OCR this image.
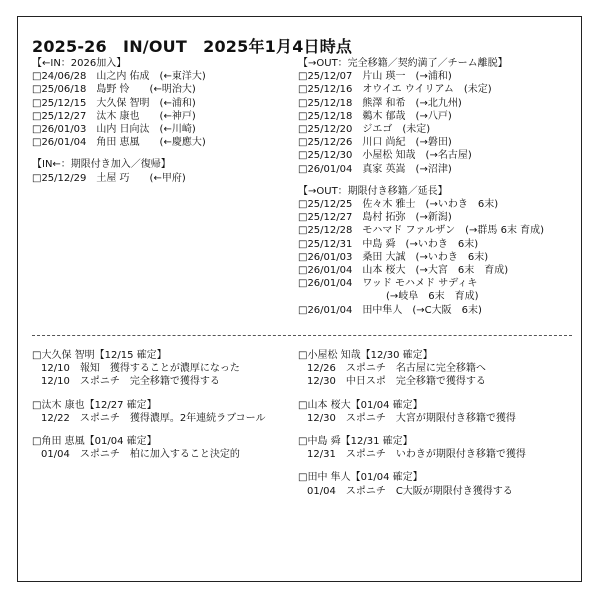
2025-26　IN/OUT　2025年1月4日時点
【←IN：2026加入】
□24/06/28 山之内 佑成　(←東洋大)
□25/06/18 島野 怜　　(←明治大)
□25/12/15 大久保 智明　(←浦和)
□25/12/27 汰木 康也　　(←神戸)
□26/01/03 山内 日向汰　(←川崎)
□26/01/04 角田 恵風　　(←慶應大)
【IN←：期限付き加入／復帰】
□25/12/29 土屋 巧　　(←甲府)
【→OUT：完全移籍／契約満了／チーム離脱】
□25/12/07 片山 瑛一　(→浦和)
□25/12/16 オウイエ ウイリアム　(未定)
□25/12/18 熊澤 和希　(→北九州)
□25/12/18 鵜木 郁哉　(→八戸)
□25/12/20 ジエゴ　(未定)
□25/12/26 川口 尚紀　(→磐田)
□25/12/30 小屋松 知哉　(→名古屋)
□26/01/04 真家 英嵩　(→沼津)
【→OUT：期限付き移籍／延長】
□25/12/25 佐々木 雅士　(→いわき　6末)
□25/12/27 島村 拓弥　(→新潟)
□25/12/28 モハマド ファルザン　(→群馬 6末 育成)
□25/12/31 中島 舜　(→いわき　6末)
□26/01/03 桑田 大誠　(→いわき　6末)
□26/01/04 山本 桜大　(→大宮　6末　育成)
□26/01/04 ワッド モハメド サディキ
　　(→岐阜　6末　育成)
□26/01/04 田中隼人　(→C大阪　6末)
□大久保 智明【12/15 確定】
12/10　報知　獲得することが濃厚になった
12/10　スポニチ　完全移籍で獲得する
□汰木 康也【12/27 確定】
12/22　スポニチ　獲得濃厚。2年連続ラブコール
□角田 恵風【01/04 確定】
01/04　スポニチ　柏に加入すること決定的
□小屋松 知哉【12/30 確定】
12/26　スポニチ　名古屋に完全移籍へ
12/30　中日スポ　完全移籍で獲得する
□山本 桜大【01/04 確定】
12/30　スポニチ　大宮が期限付き移籍で獲得
□中島 舜【12/31 確定】
12/31　スポニチ　いわきが期限付き移籍で獲得
□田中 隼人【01/04 確定】
01/04　スポニチ　C大阪が期限付き獲得する
